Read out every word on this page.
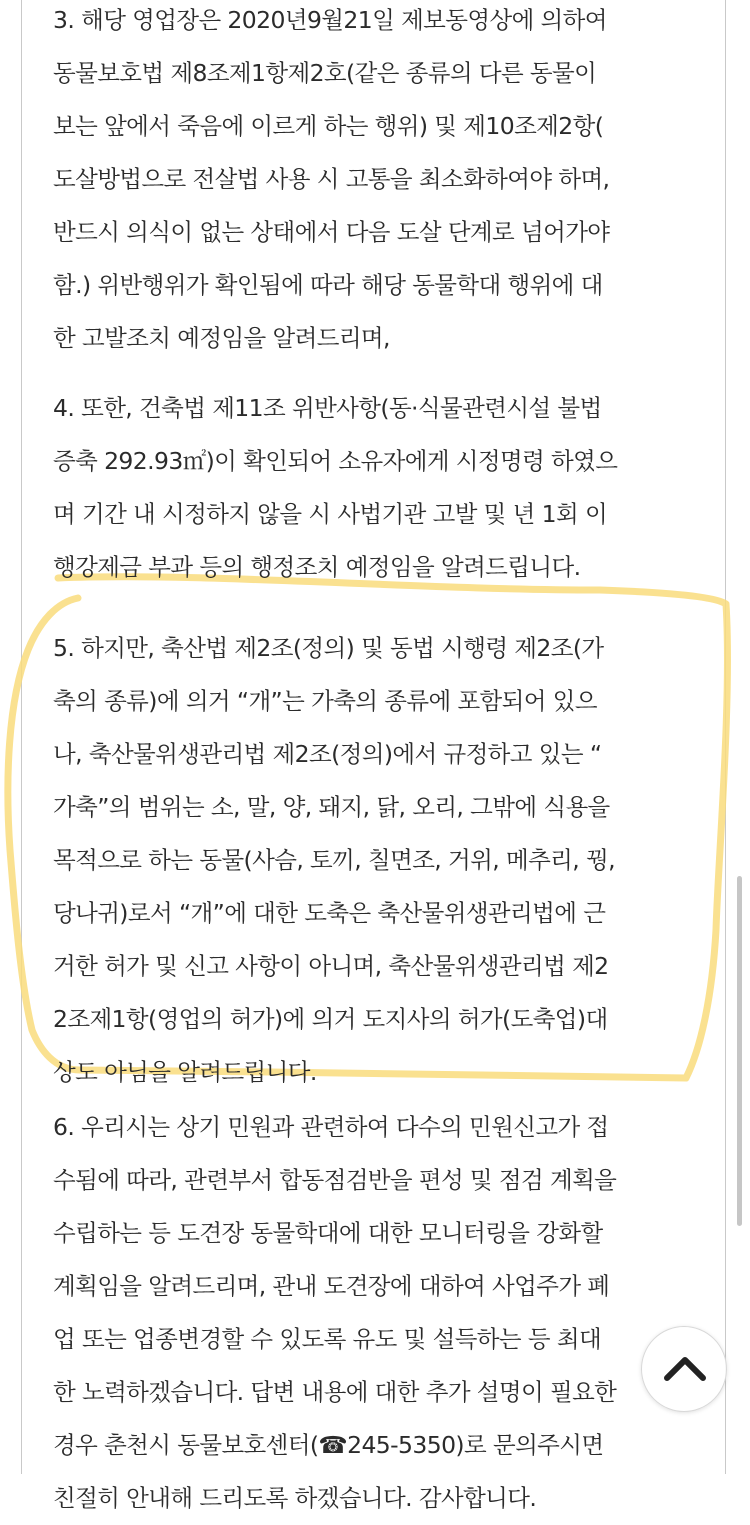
3. 해당 영업장은 2020년9월21일 제보동영상에 의하여
동물보호법 제8조제1항제2호(같은 종류의 다른 동물이
보는 앞에서 죽음에 이르게 하는 행위) 및 제10조제2항(
도살방법으로 전살법 사용 시 고통을 최소화하여야 하며,
반드시 의식이 없는 상태에서 다음 도살 단계로 넘어가야
함.) 위반행위가 확인됨에 따라 해당 동물학대 행위에 대
한 고발조치 예정임을 알려드리며,
4. 또한, 건축법 제11조 위반사항(동·식물관련시설 불법
증축 292.93㎡)이 확인되어 소유자에게 시정명령 하였으
며 기간 내 시정하지 않을 시 사법기관 고발 및 년 1회 이
행강제금 부과 등의 행정조치 예정임을 알려드립니다.
5. 하지만, 축산법 제2조(정의) 및 동법 시행령 제2조(가
축의 종류)에 의거 “개”는 가축의 종류에 포함되어 있으
나, 축산물위생관리법 제2조(정의)에서 규정하고 있는 “
가축”의 범위는 소, 말, 양, 돼지, 닭, 오리, 그밖에 식용을
목적으로 하는 동물(사슴, 토끼, 칠면조, 거위, 메추리, 꿩,
당나귀)로서 “개”에 대한 도축은 축산물위생관리법에 근
거한 허가 및 신고 사항이 아니며, 축산물위생관리법 제2
2조제1항(영업의 허가)에 의거 도지사의 허가(도축업)대
상도 아님을 알려드립니다.
6. 우리시는 상기 민원과 관련하여 다수의 민원신고가 접
수됨에 따라, 관련부서 합동점검반을 편성 및 점검 계획을
수립하는 등 도견장 동물학대에 대한 모니터링을 강화할
계획임을 알려드리며, 관내 도견장에 대하여 사업주가 폐
업 또는 업종변경할 수 있도록 유도 및 설득하는 등 최대
한 노력하겠습니다. 답변 내용에 대한 추가 설명이 필요한
경우 춘천시 동물보호센터(☎245-5350)로 문의주시면
친절히 안내해 드리도록 하겠습니다. 감사합니다.
